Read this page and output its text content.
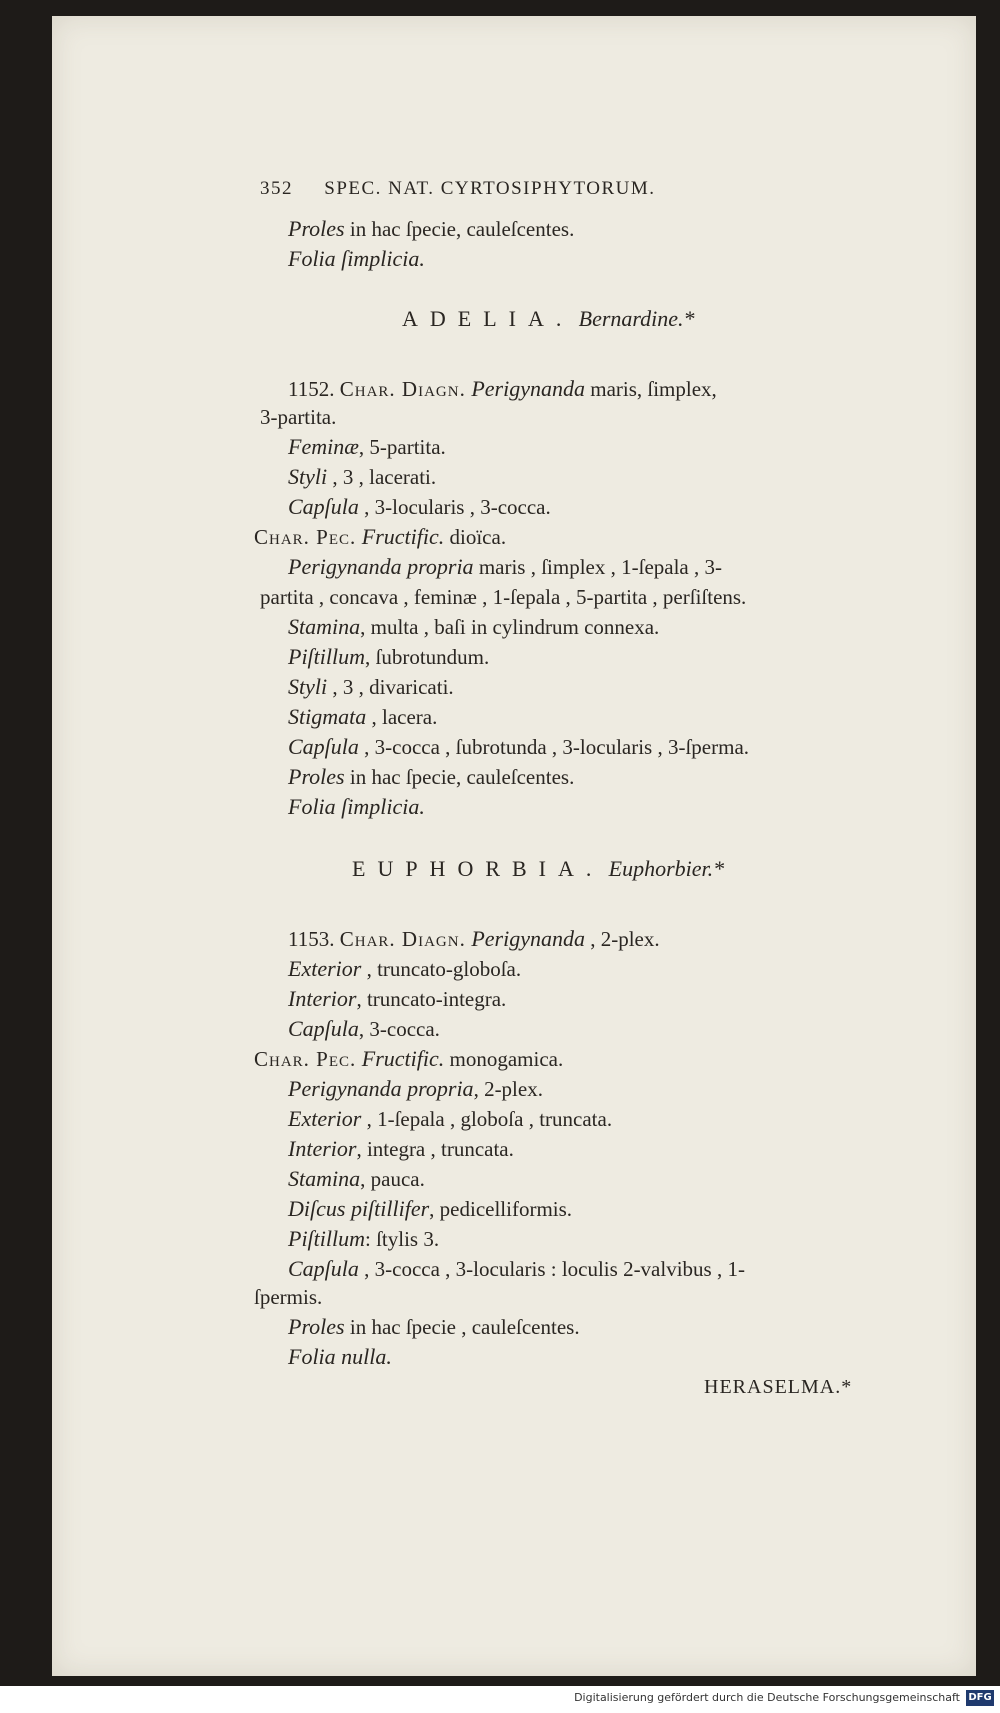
352 SPEC. NAT. CYRTOSIPHYTORUM.
Proles in hac ſpecie, cauleſcentes.
Folia ſimplicia.
ADELIA. Bernardine.*
1152. Char. Diagn. Perigynanda maris, ſimplex,
3-partita.
Feminæ, 5-partita.
Styli , 3 , lacerati.
Capſula , 3-locularis , 3-cocca.
Char. Pec. Fructific. dioïca.
Perigynanda propria maris , ſimplex , 1-ſepala , 3-
partita , concava , feminæ , 1-ſepala , 5-partita , perſiſtens.
Stamina, multa , baſi in cylindrum connexa.
Piſtillum, ſubrotundum.
Styli , 3 , divaricati.
Stigmata , lacera.
Capſula , 3-cocca , ſubrotunda , 3-locularis , 3-ſperma.
Proles in hac ſpecie, cauleſcentes.
Folia ſimplicia.
EUPHORBIA. Euphorbier.*
1153. Char. Diagn. Perigynanda , 2-plex.
Exterior , truncato-globoſa.
Interior, truncato-integra.
Capſula, 3-cocca.
Char. Pec. Fructific. monogamica.
Perigynanda propria, 2-plex.
Exterior , 1-ſepala , globoſa , truncata.
Interior, integra , truncata.
Stamina, pauca.
Diſcus piſtillifer, pedicelliformis.
Piſtillum: ſtylis 3.
Capſula , 3-cocca , 3-locularis : loculis 2-valvibus , 1-
ſpermis.
Proles in hac ſpecie , cauleſcentes.
Folia nulla.
HERASELMA.*
Digitalisierung gefördert durch die Deutsche Forschungsgemeinschaft DFG
